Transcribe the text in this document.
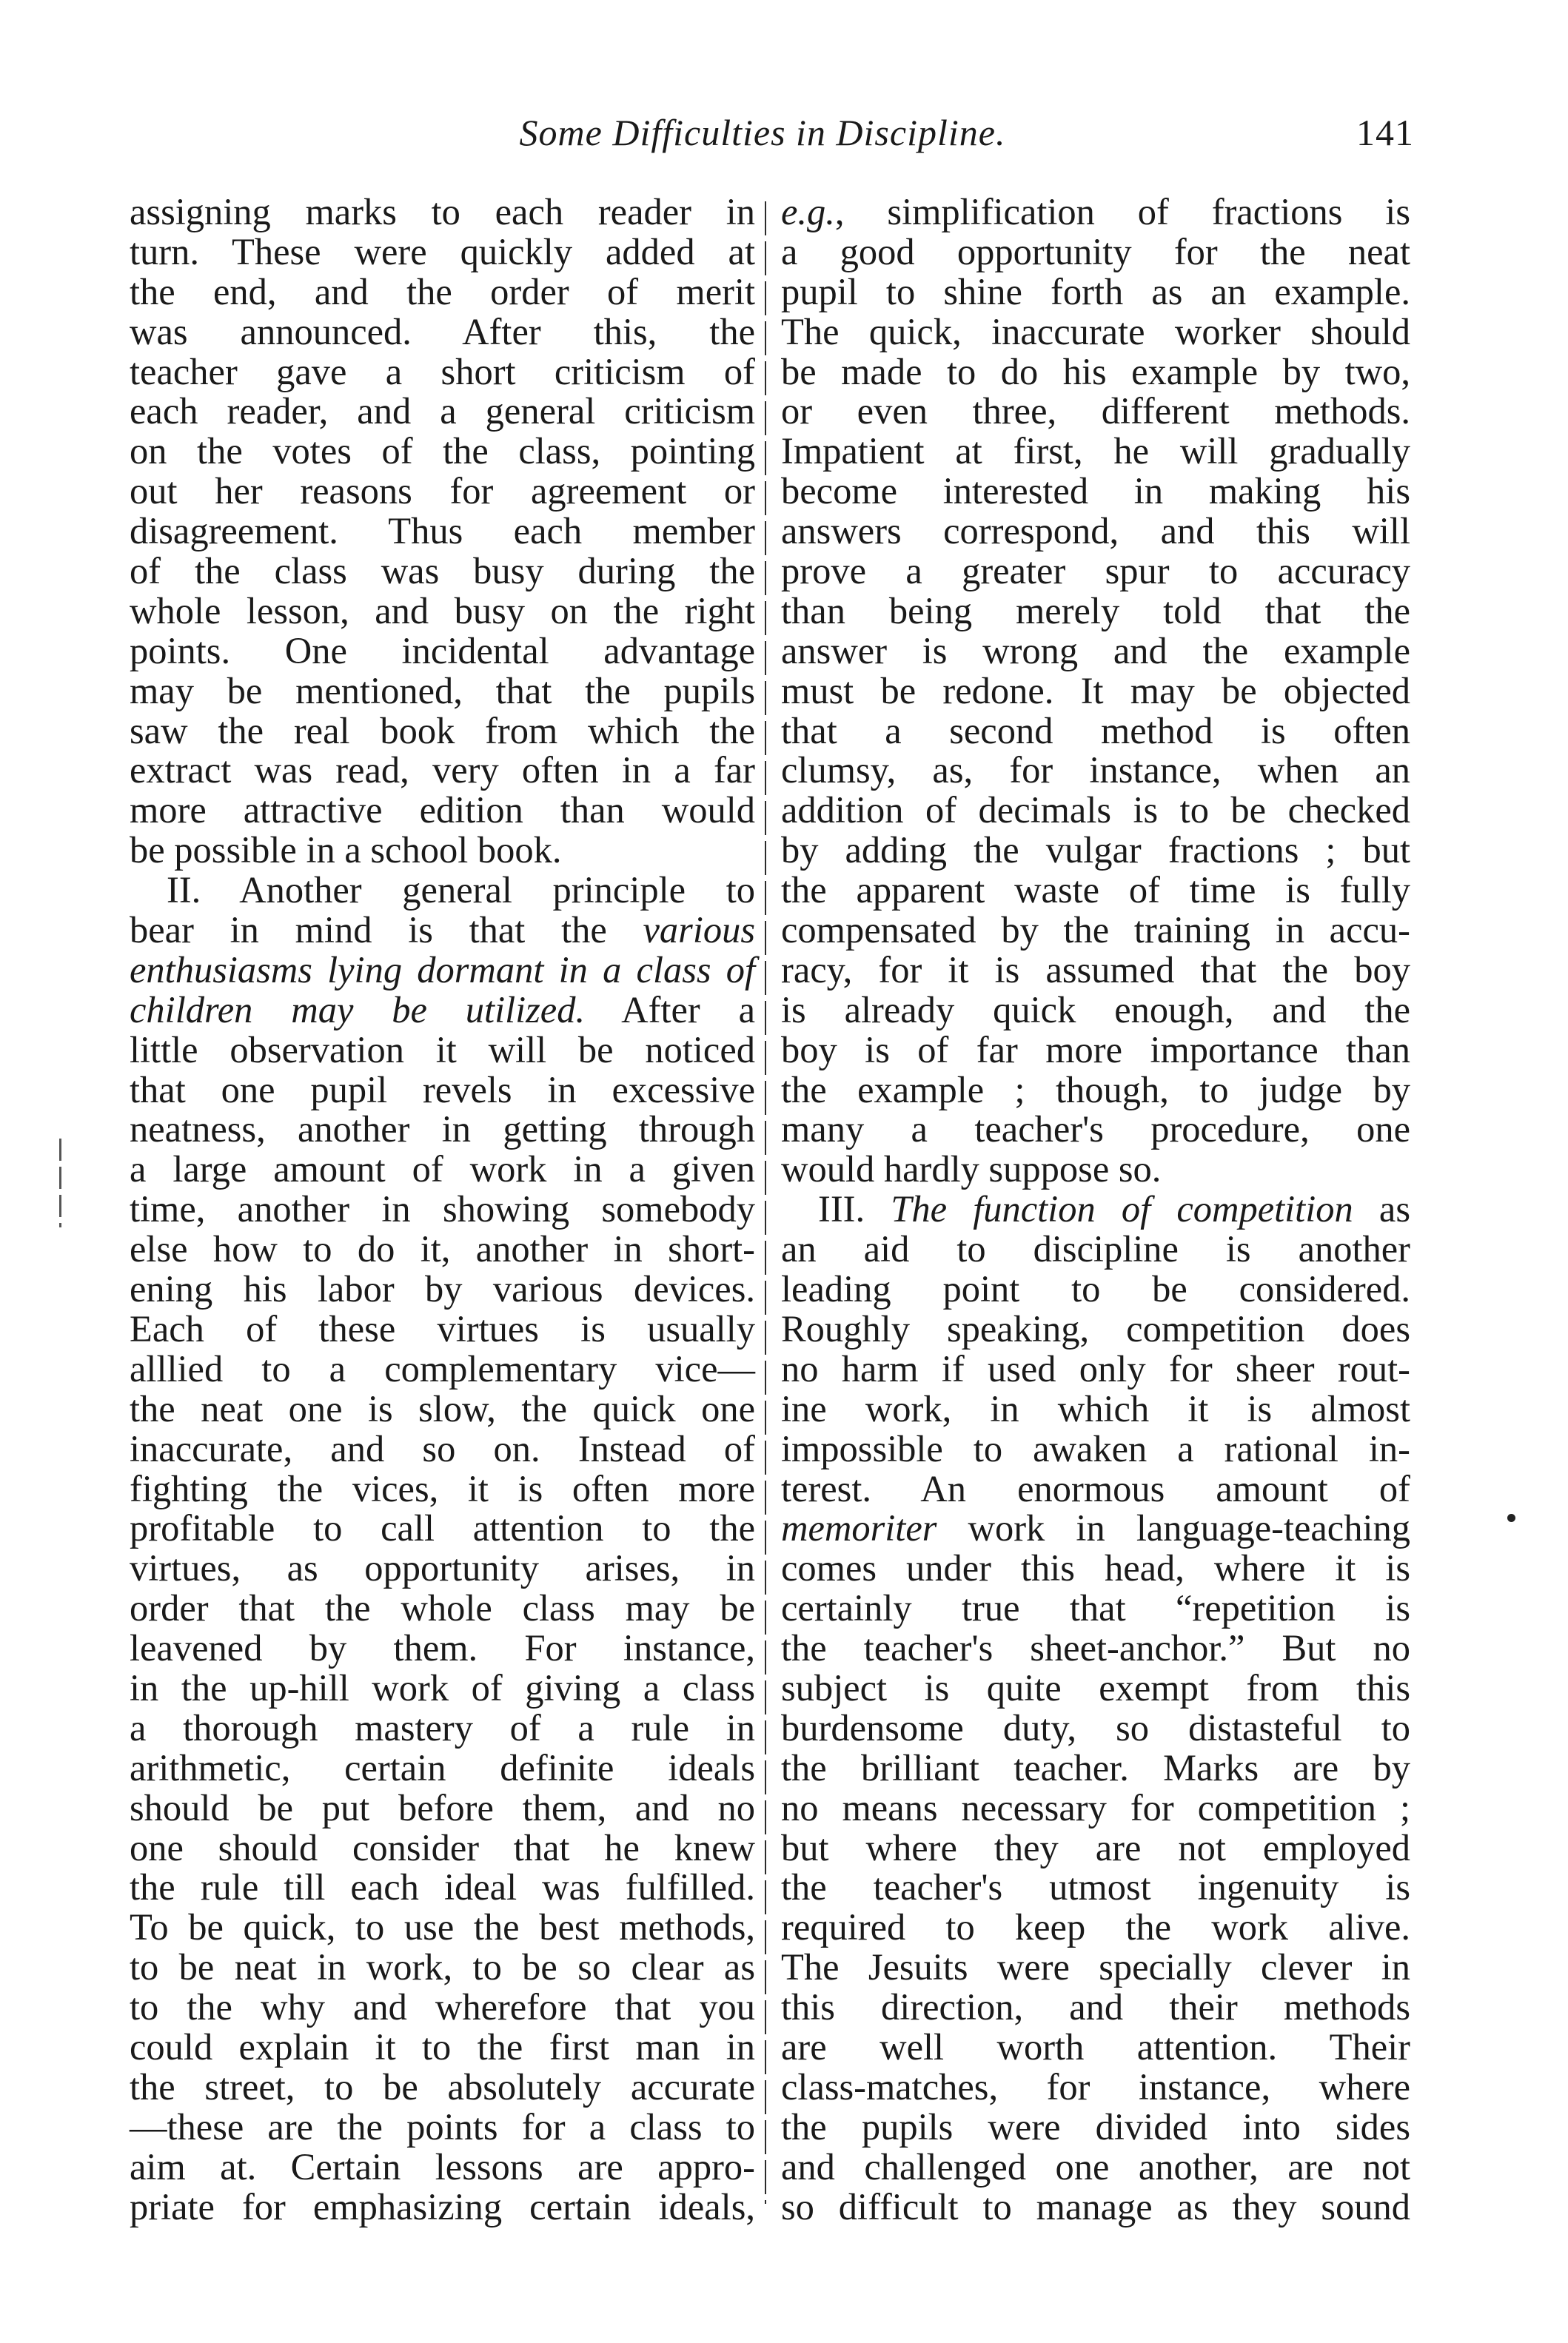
Some Difficulties in Discipline.	141
assigning marks to each reader in
turn. These were quickly added at
the end, and the order of merit
was announced. After this, the
teacher gave a short criticism of
each reader, and a general criticism
on the votes of the class, pointing
out her reasons for agreement or
disagreement. Thus each member
of the class was busy during the
whole lesson, and busy on the right
points. One incidental advantage
may be mentioned, that the pupils
saw the real book from which the
extract was read, very often in a far
more attractive edition than would
be possible in a school book.
II. Another general principle to
bear in mind is that the various
enthusiasms lying dormant in a class of
children may be utilized. After a
little observation it will be noticed
that one pupil revels in excessive
neatness, another in getting through
a large amount of work in a given
time, another in showing somebody
else how to do it, another in short-
ening his labor by various devices.
Each of these virtues is usually
alllied to a complementary vice—
the neat one is slow, the quick one
inaccurate, and so on. Instead of
fighting the vices, it is often more
profitable to call attention to the
virtues, as opportunity arises, in
order that the whole class may be
leavened by them. For instance,
in the up-hill work of giving a class
a thorough mastery of a rule in
arithmetic, certain definite ideals
should be put before them, and no
one should consider that he knew
the rule till each ideal was fulfilled.
To be quick, to use the best methods,
to be neat in work, to be so clear as
to the why and wherefore that you
could explain it to the first man in
the street, to be absolutely accurate
—these are the points for a class to
aim at. Certain lessons are appro-
priate for emphasizing certain ideals,
e.g., simplification of fractions is
a good opportunity for the neat
pupil to shine forth as an example.
The quick, inaccurate worker should
be made to do his example by two,
or even three, different methods.
Impatient at first, he will gradually
become interested in making his
answers correspond, and this will
prove a greater spur to accuracy
than being merely told that the
answer is wrong and the example
must be redone. It may be objected
that a second method is often
clumsy, as, for instance, when an
addition of decimals is to be checked
by adding the vulgar fractions ; but
the apparent waste of time is fully
compensated by the training in accu-
racy, for it is assumed that the boy
is already quick enough, and the
boy is of far more importance than
the example ; though, to judge by
many a teacher's procedure, one
would hardly suppose so.
III. The function of competition as
an aid to discipline is another
leading point to be considered.
Roughly speaking, competition does
no harm if used only for sheer rout-
ine work, in which it is almost
impossible to awaken a rational in-
terest. An enormous amount of
memoriter work in language-teaching
comes under this head, where it is
certainly true that “repetition is
the teacher's sheet-anchor.” But no
subject is quite exempt from this
burdensome duty, so distasteful to
the brilliant teacher. Marks are by
no means necessary for competition ;
but where they are not employed
the teacher's utmost ingenuity is
required to keep the work alive.
The Jesuits were specially clever in
this direction, and their methods
are well worth attention. Their
class-matches, for instance, where
the pupils were divided into sides
and challenged one another, are not
so difficult to manage as they sound
